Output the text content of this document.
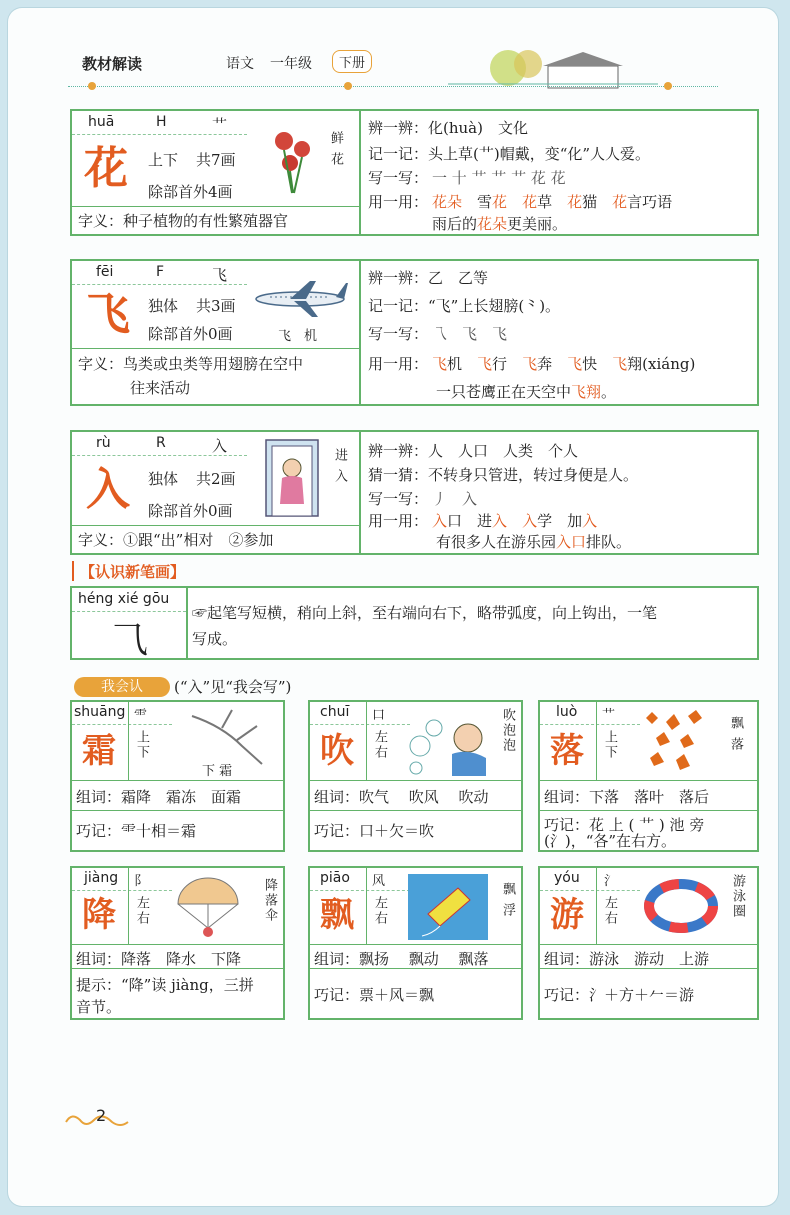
教材解读	语文 一年级	下册
huā	H	艹
花 上下 共7画
除部首外4画
鲜 花
字义：种子植物的有性繁殖器官
辨一辨：化(huà)　文化
记一记：头上草(艹)帽戴，变“化”人人爱。
写一写： 一 十 艹 艹 艹 花 花
用一用： 花朵　雪花　 花草　花猫　花言巧语
雨后的花朵更美丽。
fēi	F	飞
飞 独体 共3画
除部首外0画	飞　机
字义：鸟类或虫类等用翅膀在空中
往来活动
辨一辨：乙　乙等
记一记：“飞”上长翅膀(⺀)。
写一写： 乁　飞　飞
用一用： 飞机　飞行　飞奔　飞快　飞翔(xiáng)
一只苍鹰正在天空中飞翔。
rù	R	入
入 独体 共2画
除部首外0画
进 入
字义：①跟“出”相对　②参加
辨一辨：人　人口　人类　个人
猜一猜：不转身只管进，转过身便是人。
写一写： 丿　入
用一用： 入口　进入　 入学　加入
有很多人在游乐园入口排队。
【认识新笔画】
héng xié gōu
⺄
☞起笔写短横，稍向上斜，至右端向右下，略带弧度，向上钩出，一笔
写成。
我会认	(“入”见“我会写”)
shuāng ⻗
霜 上下
下 霜
组词：霜降　霜冻　面霜
巧记：⻗十相＝霜
chuī 口
吹 左右	吹泡泡
组词：吹气　 吹风　 吹动
巧记：口＋欠＝吹
luò 艹
落 上下	飘 落
组词：下落　落叶　落后
巧记：花 上 ( 艹 ) 池 旁
(氵)，“各”在右方。
jiàng 阝
降 左右	降落伞
组词：降落　降水　下降
提示：“降”读 jiàng，三拼
音节。
piāo 风
飘 左右	飘 浮
组词：飘扬　 飘动　 飘落
巧记：票＋风＝飘
yóu 氵
游 左右	游泳圈
组词：游泳　游动　上游
巧记：氵＋方＋𠂉＝游
2
